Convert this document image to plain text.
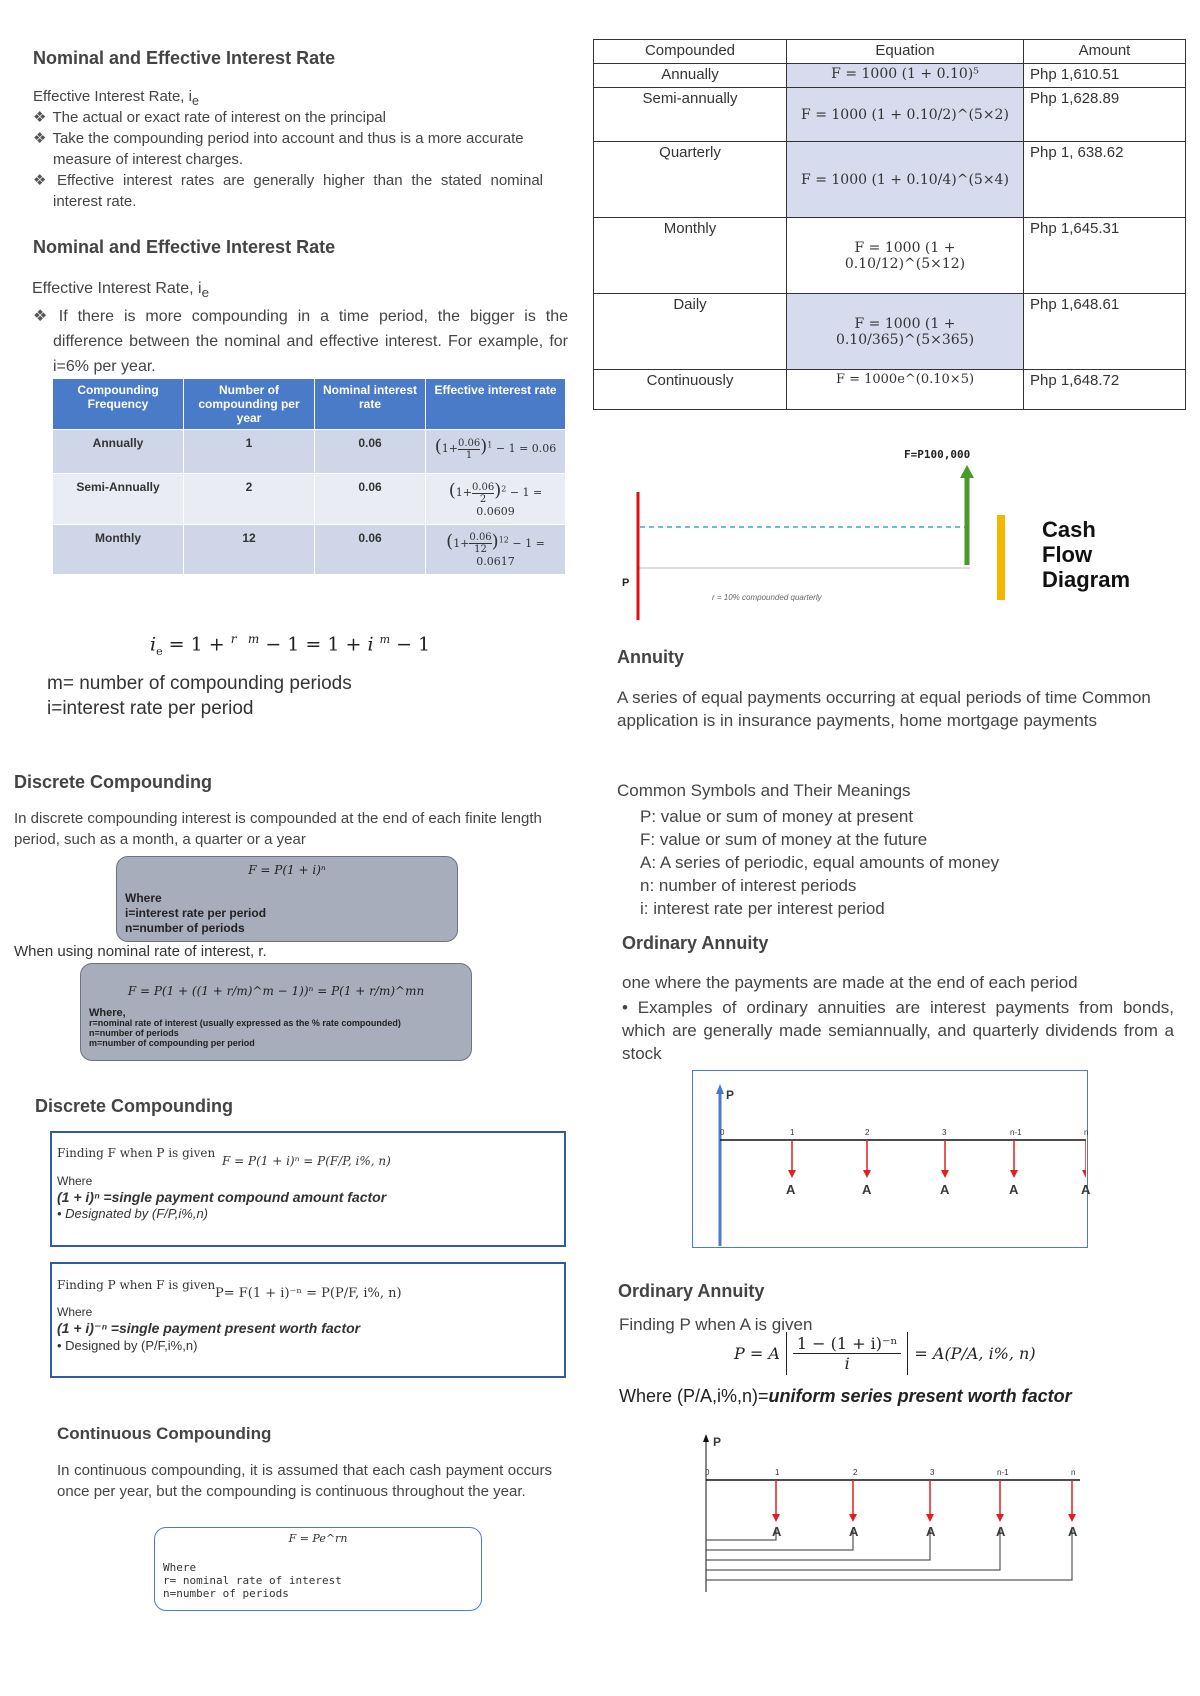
Nominal and Effective Interest Rate
Effective Interest Rate, $i_e$
❖ The actual or exact rate of interest on the principal
❖ Take the compounding period into account and thus is a more accurate measure of interest charges.
❖ Effective interest rates are generally higher than the stated nominal interest rate.
Nominal and Effective Interest Rate
Effective Interest Rate, $i_e$
❖ If there is more compounding in a time period, the bigger is the difference between the nominal and effective interest. For example, for i=6% per year.
Compounding Frequency	Number of compounding per year	Nominal interest rate	Effective interest rate
Annually	1	0.06	$(1+ \frac{0.06}{1})^1 - 1 = 0.06$
Semi-Annually	2	0.06	$(1+ \frac{0.06}{2})^2 - 1 = 0.0609$
Monthly	12	0.06	$(1+ \frac{0.06}{12})^{12} - 1 = 0.0617$
$i_e = 1 + ^{r m} - 1 = 1 + i$ $^m$ − 1
m= number of compounding periods
i=interest rate per period
Discrete Compounding
In discrete compounding interest is compounded at the end of each finite length period, such as a month, a quarter or a year
F = P(1 + i)ⁿ
Where
i=interest rate per period
n=number of periods
When using nominal rate of interest, r.
F = P(1 + ((1 + r/m)^m − 1))ⁿ = P(1 + r/m)^mn
Where,
r=nominal rate of interest (usually expressed as the % rate compounded)
n=number of periods
m=number of compounding per period
Discrete Compounding
Finding F when P is given
F = P(1 + i)ⁿ = P(F/P, i%, n)
Where
(1 + i)ⁿ =single payment compound amount factor
• Designated by (F/P,i%,n)
Finding P when F is given
P= F(1 + i)⁻ⁿ = P(P/F, i%, n)
Where
(1 + i)⁻ⁿ =single payment present worth factor
• Designed by (P/F,i%,n)
Continuous Compounding
In continuous compounding, it is assumed that each cash payment occurs once per year, but the compounding is continuous throughout the year.
F = Pe^rn
Where
r= nominal rate of interest
n=number of periods
Compounded	Equation	Amount
Annually	F = 1000 (1 + 0.10)⁵	Php 1,610.51
Semi-annually	F = 1000 (1 + 0.10/2)^(5×2)	Php 1,628.89
Quarterly	F = 1000 (1 + 0.10/4)^(5×4)	Php 1, 638.62
Monthly	F = 1000 (1 + 0.10/12)^(5×12)	Php 1,645.31
Daily	F = 1000 (1 + 0.10/365)^(5×365)	Php 1,648.61
Continuously	F = 1000e^(0.10×5)	Php 1,648.72
F=P100,000
P
r = 10% compounded quarterly
Cash
Flow
Diagram
Annuity
A series of equal payments occurring at equal periods of time Common application is in insurance payments, home mortgage payments
Common Symbols and Their Meanings
P: value or sum of money at present
F: value or sum of money at the future
A: A series of periodic, equal amounts of money
n: number of interest periods
i: interest rate per interest period
Ordinary Annuity
one where the payments are made at the end of each period
• Examples of ordinary annuities are interest payments from bonds, which are generally made semiannually, and quarterly dividends from a stock
P
0	1	2	3	n-1	n
A	A	A	A	A
Ordinary Annuity
Finding P when A is given
P = A $\frac{\text{1 − (1 + i)⁻ⁿ}}{i} = A(P/A$, i%, n)
Where (P/A,i%,n)=uniform series present worth factor
P
0	1	2	3	n-1	n
A	A	A	A	A
